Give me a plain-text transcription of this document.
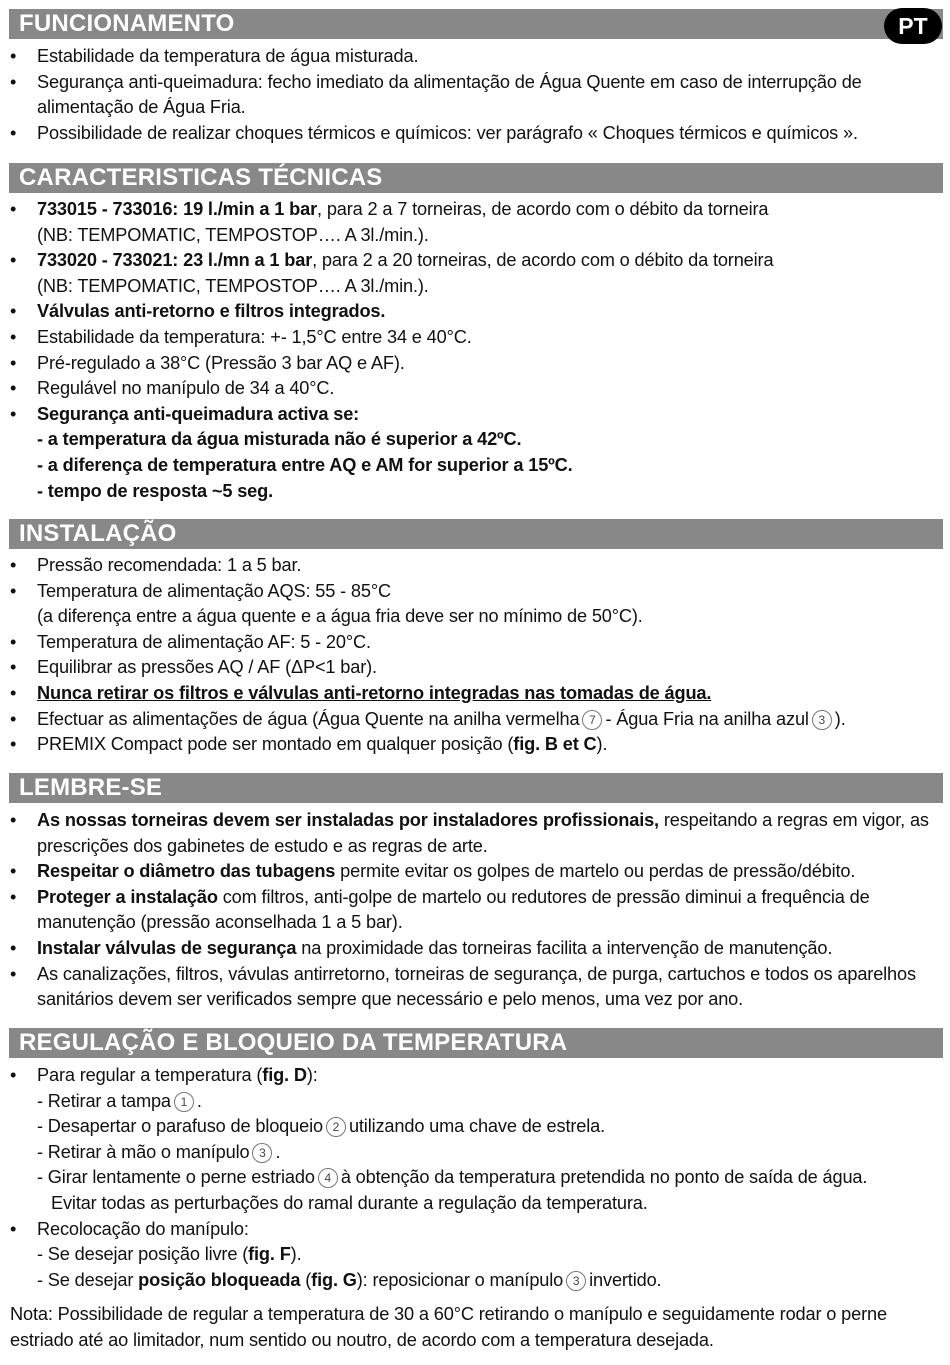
PT
FUNCIONAMENTO
• Estabilidade da temperatura de água misturada.
• Segurança anti-queimadura: fecho imediato da alimentação de Água Quente em caso de interrupção de alimentação de Água Fria.
• Possibilidade de realizar choques térmicos e químicos: ver parágrafo « Choques térmicos e químicos ».
CARACTERISTICAS TÉCNICAS
• 733015 - 733016: 19 l./min a 1 bar, para 2 a 7 torneiras, de acordo com o débito da torneira
(NB: TEMPOMATIC, TEMPOSTOP…. A 3l./min.).
• 733020 - 733021: 23 l./mn a 1 bar, para 2 a 20 torneiras, de acordo com o débito da torneira
(NB: TEMPOMATIC, TEMPOSTOP…. A 3l./min.).
• Válvulas anti-retorno e filtros integrados.
• Estabilidade da temperatura: +- 1,5°C entre 34 e 40°C.
• Pré-regulado a 38°C (Pressão 3 bar AQ e AF).
• Regulável no manípulo de 34 a 40°C.
• Segurança anti-queimadura activa se:
- a temperatura da água misturada não é superior a 42ºC.
- a diferença de temperatura entre AQ e AM for superior a 15ºC.
- tempo de resposta ~5 seg.
INSTALAÇÃO
• Pressão recomendada: 1 a 5 bar.
• Temperatura de alimentação AQS: 55 - 85°C
(a diferença entre a água quente e a água fria deve ser no mínimo de 50°C).
• Temperatura de alimentação AF: 5 - 20°C.
• Equilibrar as pressões AQ / AF (ΔP<1 bar).
• Nunca retirar os filtros e válvulas anti-retorno integradas nas tomadas de água.
• Efectuar as alimentações de água (Água Quente na anilha vermelha 7 - Água Fria na anilha azul 3 ).
• PREMIX Compact pode ser montado em qualquer posição (fig. B et C).
LEMBRE-SE
• As nossas torneiras devem ser instaladas por instaladores profissionais, respeitando a regras em vigor, as prescrições dos gabinetes de estudo e as regras de arte.
• Respeitar o diâmetro das tubagens permite evitar os golpes de martelo ou perdas de pressão/débito.
• Proteger a instalação com filtros, anti-golpe de martelo ou redutores de pressão diminui a frequência de manutenção (pressão aconselhada 1 a 5 bar).
• Instalar válvulas de segurança na proximidade das torneiras facilita a intervenção de manutenção.
• As canalizações, filtros, vávulas antirretorno, torneiras de segurança, de purga, cartuchos e todos os aparelhos sanitários devem ser verificados sempre que necessário e pelo menos, uma vez por ano.
REGULAÇÃO E BLOQUEIO DA TEMPERATURA
• Para regular a temperatura (fig. D):
- Retirar a tampa 1 .
- Desapertar o parafuso de bloqueio 2 utilizando uma chave de estrela.
- Retirar à mão o manípulo 3 .
- Girar lentamente o perne estriado 4 à obtenção da temperatura pretendida no ponto de saída de água.
Evitar todas as perturbações do ramal durante a regulação da temperatura.
• Recolocação do manípulo:
- Se desejar posição livre (fig. F).
- Se desejar posição bloqueada (fig. G): reposicionar o manípulo 3 invertido.
Nota: Possibilidade de regular a temperatura de 30 a 60°C retirando o manípulo e seguidamente rodar o perne estriado até ao limitador, num sentido ou noutro, de acordo com a temperatura desejada.
